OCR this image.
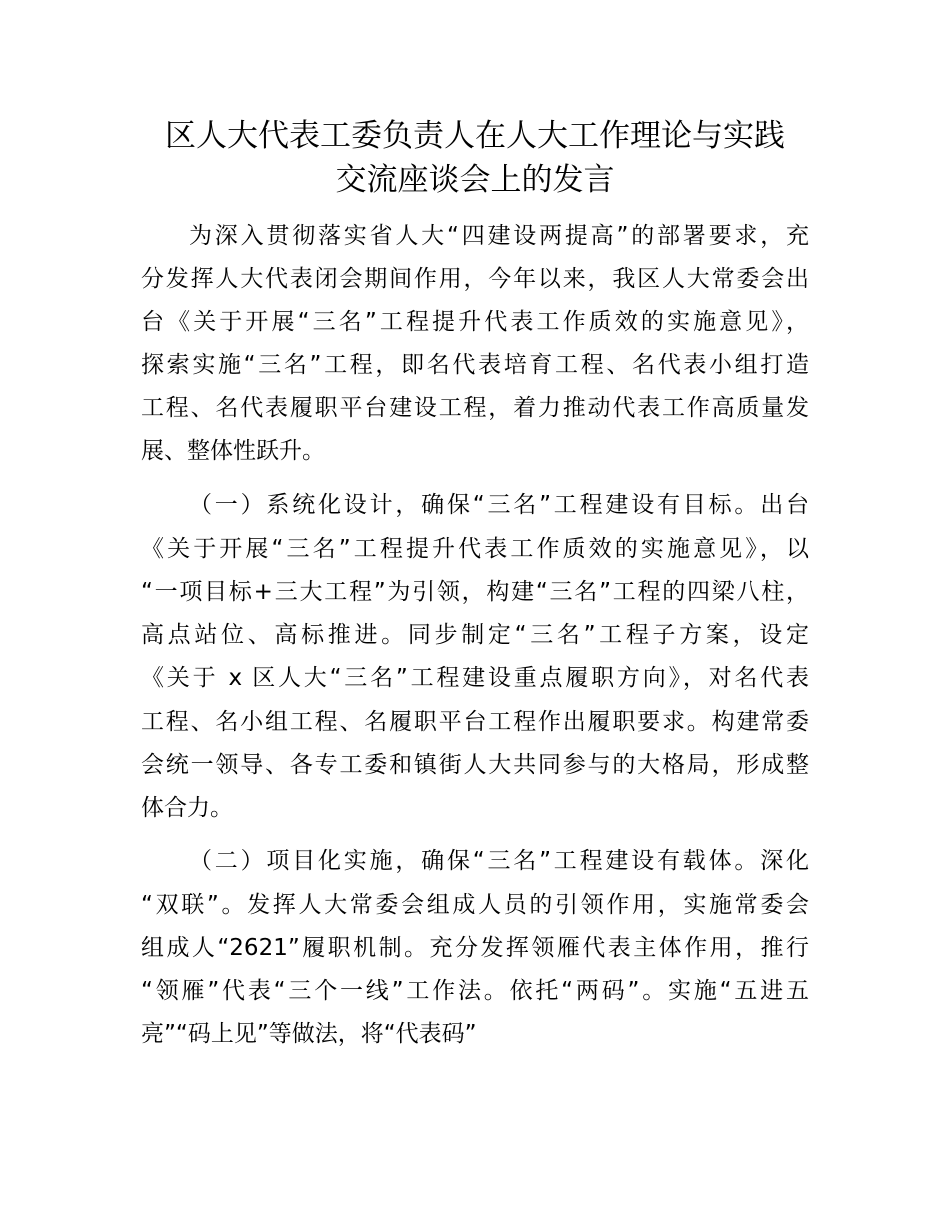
区人大代表工委负责人在人大工作理论与实践
交流座谈会上的发言
为深入贯彻落实省人大“四建设两提高”的部署要求，充
分发挥人大代表闭会期间作用，今年以来，我区人大常委会出
台《关于开展“三名”工程提升代表工作质效的实施意见》，
探索实施“三名”工程，即名代表培育工程、名代表小组打造
工程、名代表履职平台建设工程，着力推动代表工作高质量发
展、整体性跃升。
（一）系统化设计，确保“三名”工程建设有目标。出台
《关于开展“三名”工程提升代表工作质效的实施意见》，以
“一项目标+三大工程”为引领，构建“三名”工程的四梁八柱，
高点站位、高标推进。同步制定“三名”工程子方案，设定
《关于 x 区人大“三名”工程建设重点履职方向》，对名代表
工程、名小组工程、名履职平台工程作出履职要求。构建常委
会统一领导、各专工委和镇街人大共同参与的大格局，形成整
体合力。
（二）项目化实施，确保“三名”工程建设有载体。深化
“双联”。发挥人大常委会组成人员的引领作用，实施常委会
组成人“2621”履职机制。充分发挥领雁代表主体作用，推行
“领雁”代表“三个一线”工作法。依托“两码”。实施“五进五
亮”“码上见”等做法，将“代表码”
